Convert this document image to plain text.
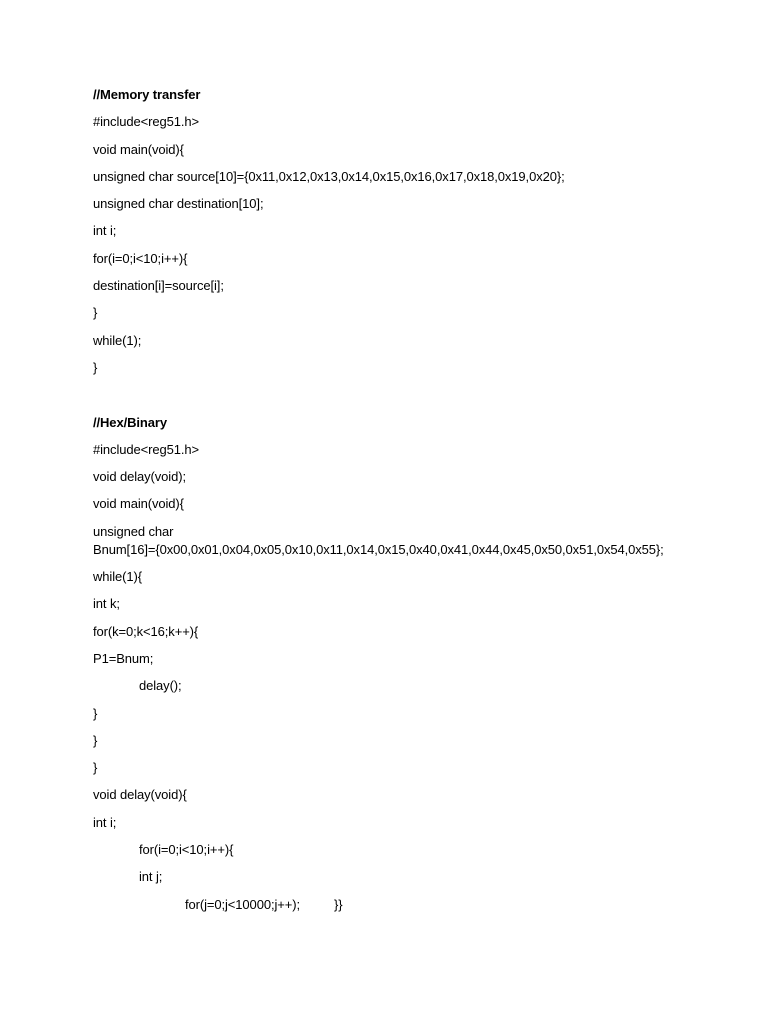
//Memory transfer
#include<reg51.h>
void main(void){
unsigned char source[10]={0x11,0x12,0x13,0x14,0x15,0x16,0x17,0x18,0x19,0x20};
unsigned char destination[10];
int i;
for(i=0;i<10;i++){
destination[i]=source[i];
}
while(1);
}
//Hex/Binary
#include<reg51.h>
void delay(void);
void main(void){
unsigned char
Bnum[16]={0x00,0x01,0x04,0x05,0x10,0x11,0x14,0x15,0x40,0x41,0x44,0x45,0x50,0x51,0x54,0x55};
while(1){
int k;
for(k=0;k<16;k++){
P1=Bnum;
delay();
}
}
}
void delay(void){
int i;
for(i=0;i<10;i++){
int j;
for(j=0;j<10000;j++);	}}
